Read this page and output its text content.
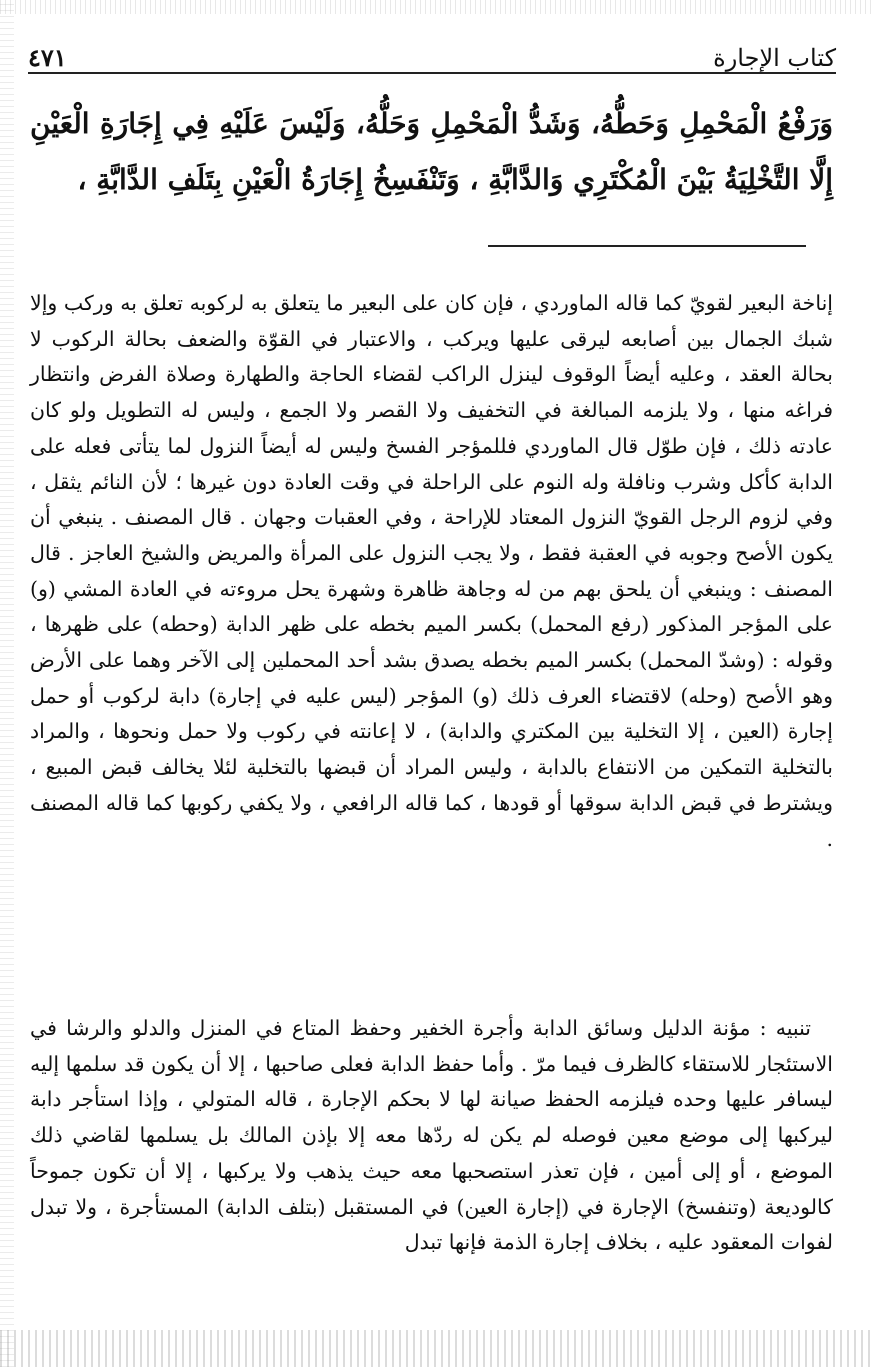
كتاب الإجارة
٤٧١

وَرَفْعُ الْمَحْمِلِ وَحَطُّهُ، وَشَدُّ الْمَحْمِلِ وَحَلُّهُ، وَلَيْسَ عَلَيْهِ فِي إِجَارَةِ الْعَيْنِ إِلَّا التَّخْلِيَةُ بَيْنَ الْمُكْتَرِي وَالدَّابَّةِ ، وَتَنْفَسِخُ إِجَارَةُ الْعَيْنِ بِتَلَفِ الدَّابَّةِ ،

إناخة البعير لقويّ كما قاله الماوردي ، فإن كان على البعير ما يتعلق به لركوبه تعلق به وركب وإلا شبك الجمال بين أصابعه ليرقى عليها ويركب ، والاعتبار في القوّة والضعف بحالة الركوب لا بحالة العقد ، وعليه أيضاً الوقوف لينزل الراكب لقضاء الحاجة والطهارة وصلاة الفرض وانتظار فراغه منها ، ولا يلزمه المبالغة في التخفيف ولا القصر ولا الجمع ، وليس له التطويل ولو كان عادته ذلك ، فإن طوّل قال الماوردي فللمؤجر الفسخ وليس له أيضاً النزول لما يتأتى فعله على الدابة كأكل وشرب ونافلة وله النوم على الراحلة في وقت العادة دون غيرها ؛ لأن النائم يثقل ، وفي لزوم الرجل القويّ النزول المعتاد للإراحة ، وفي العقبات وجهان . قال المصنف . ينبغي أن يكون الأصح وجوبه في العقبة فقط ، ولا يجب النزول على المرأة والمريض والشيخ العاجز . قال المصنف : وينبغي أن يلحق بهم من له وجاهة ظاهرة وشهرة يحل مروءته في العادة المشي (و) على المؤجر المذكور (رفع المحمل) بكسر الميم بخطه على ظهر الدابة (وحطه) على ظهرها ، وقوله : (وشدّ المحمل) بكسر الميم بخطه يصدق بشد أحد المحملين إلى الآخر وهما على الأرض وهو الأصح (وحله) لاقتضاء العرف ذلك (و) المؤجر (ليس عليه في إجارة) دابة لركوب أو حمل إجارة (العين ، إلا التخلية بين المكتري والدابة) ، لا إعانته في ركوب ولا حمل ونحوها ، والمراد بالتخلية التمكين من الانتفاع بالدابة ، وليس المراد أن قبضها بالتخلية لئلا يخالف قبض المبيع ، ويشترط في قبض الدابة سوقها أو قودها ، كما قاله الرافعي ، ولا يكفي ركوبها كما قاله المصنف .

تنبيه : مؤنة الدليل وسائق الدابة وأجرة الخفير وحفظ المتاع في المنزل والدلو والرشا في الاستئجار للاستقاء كالظرف فيما مرّ . وأما حفظ الدابة فعلى صاحبها ، إلا أن يكون قد سلمها إليه ليسافر عليها وحده فيلزمه الحفظ صيانة لها لا بحكم الإجارة ، قاله المتولي ، وإذا استأجر دابة ليركبها إلى موضع معين فوصله لم يكن له ردّها معه إلا بإذن المالك بل يسلمها لقاضي ذلك الموضع ، أو إلى أمين ، فإن تعذر استصحبها معه حيث يذهب ولا يركبها ، إلا أن تكون جموحاً كالوديعة (وتنفسخ) الإجارة في (إجارة العين) في المستقبل (بتلف الدابة) المستأجرة ، ولا تبدل لفوات المعقود عليه ، بخلاف إجارة الذمة فإنها تبدل
